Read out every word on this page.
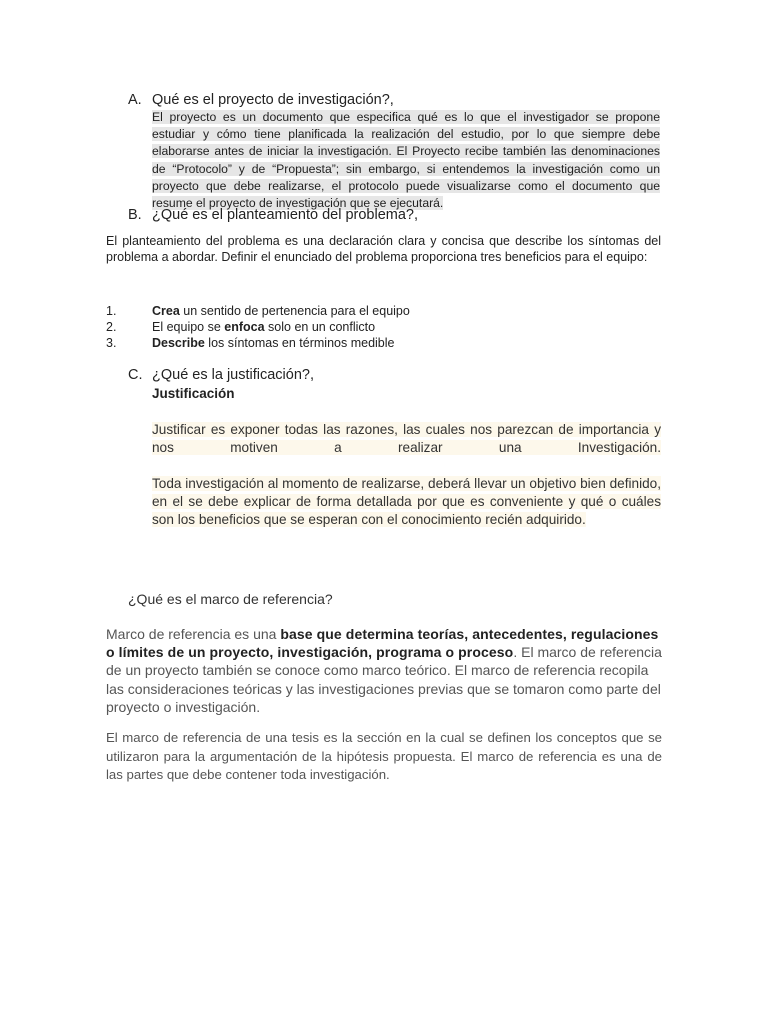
A. Qué es el proyecto de investigación?,
El proyecto es un documento que especifica qué es lo que el investigador se propone estudiar y cómo tiene planificada la realización del estudio, por lo que siempre debe elaborarse antes de iniciar la investigación. El Proyecto recibe también las denominaciones de “Protocolo” y de “Propuesta”; sin embargo, si entendemos la investigación como un proyecto que debe realizarse, el protocolo puede visualizarse como el documento que resume el proyecto de investigación que se ejecutará.
B. ¿Qué es el planteamiento del problema?,
El planteamiento del problema es una declaración clara y concisa que describe los síntomas del problema a abordar. Definir el enunciado del problema proporciona tres beneficios para el equipo:
1.	Crea un sentido de pertenencia para el equipo
2.	El equipo se enfoca solo en un conflicto
3.	Describe los síntomas en términos medible
C. ¿Qué es la justificación?,
Justificación
Justificar es exponer todas las razones, las cuales nos parezcan de importancia y nos motiven a realizar una Investigación.
Toda investigación al momento de realizarse, deberá llevar un objetivo bien definido, en el se debe explicar de forma detallada por que es conveniente y qué o cuáles son los beneficios que se esperan con el conocimiento recién adquirido.
¿Qué es el marco de referencia?
Marco de referencia es una base que determina teorías, antecedentes, regulaciones o límites de un proyecto, investigación, programa o proceso. El marco de referencia de un proyecto también se conoce como marco teórico. El marco de referencia recopila las consideraciones teóricas y las investigaciones previas que se tomaron como parte del proyecto o investigación.
El marco de referencia de una tesis es la sección en la cual se definen los conceptos que se utilizaron para la argumentación de la hipótesis propuesta. El marco de referencia es una de las partes que debe contener toda investigación.
